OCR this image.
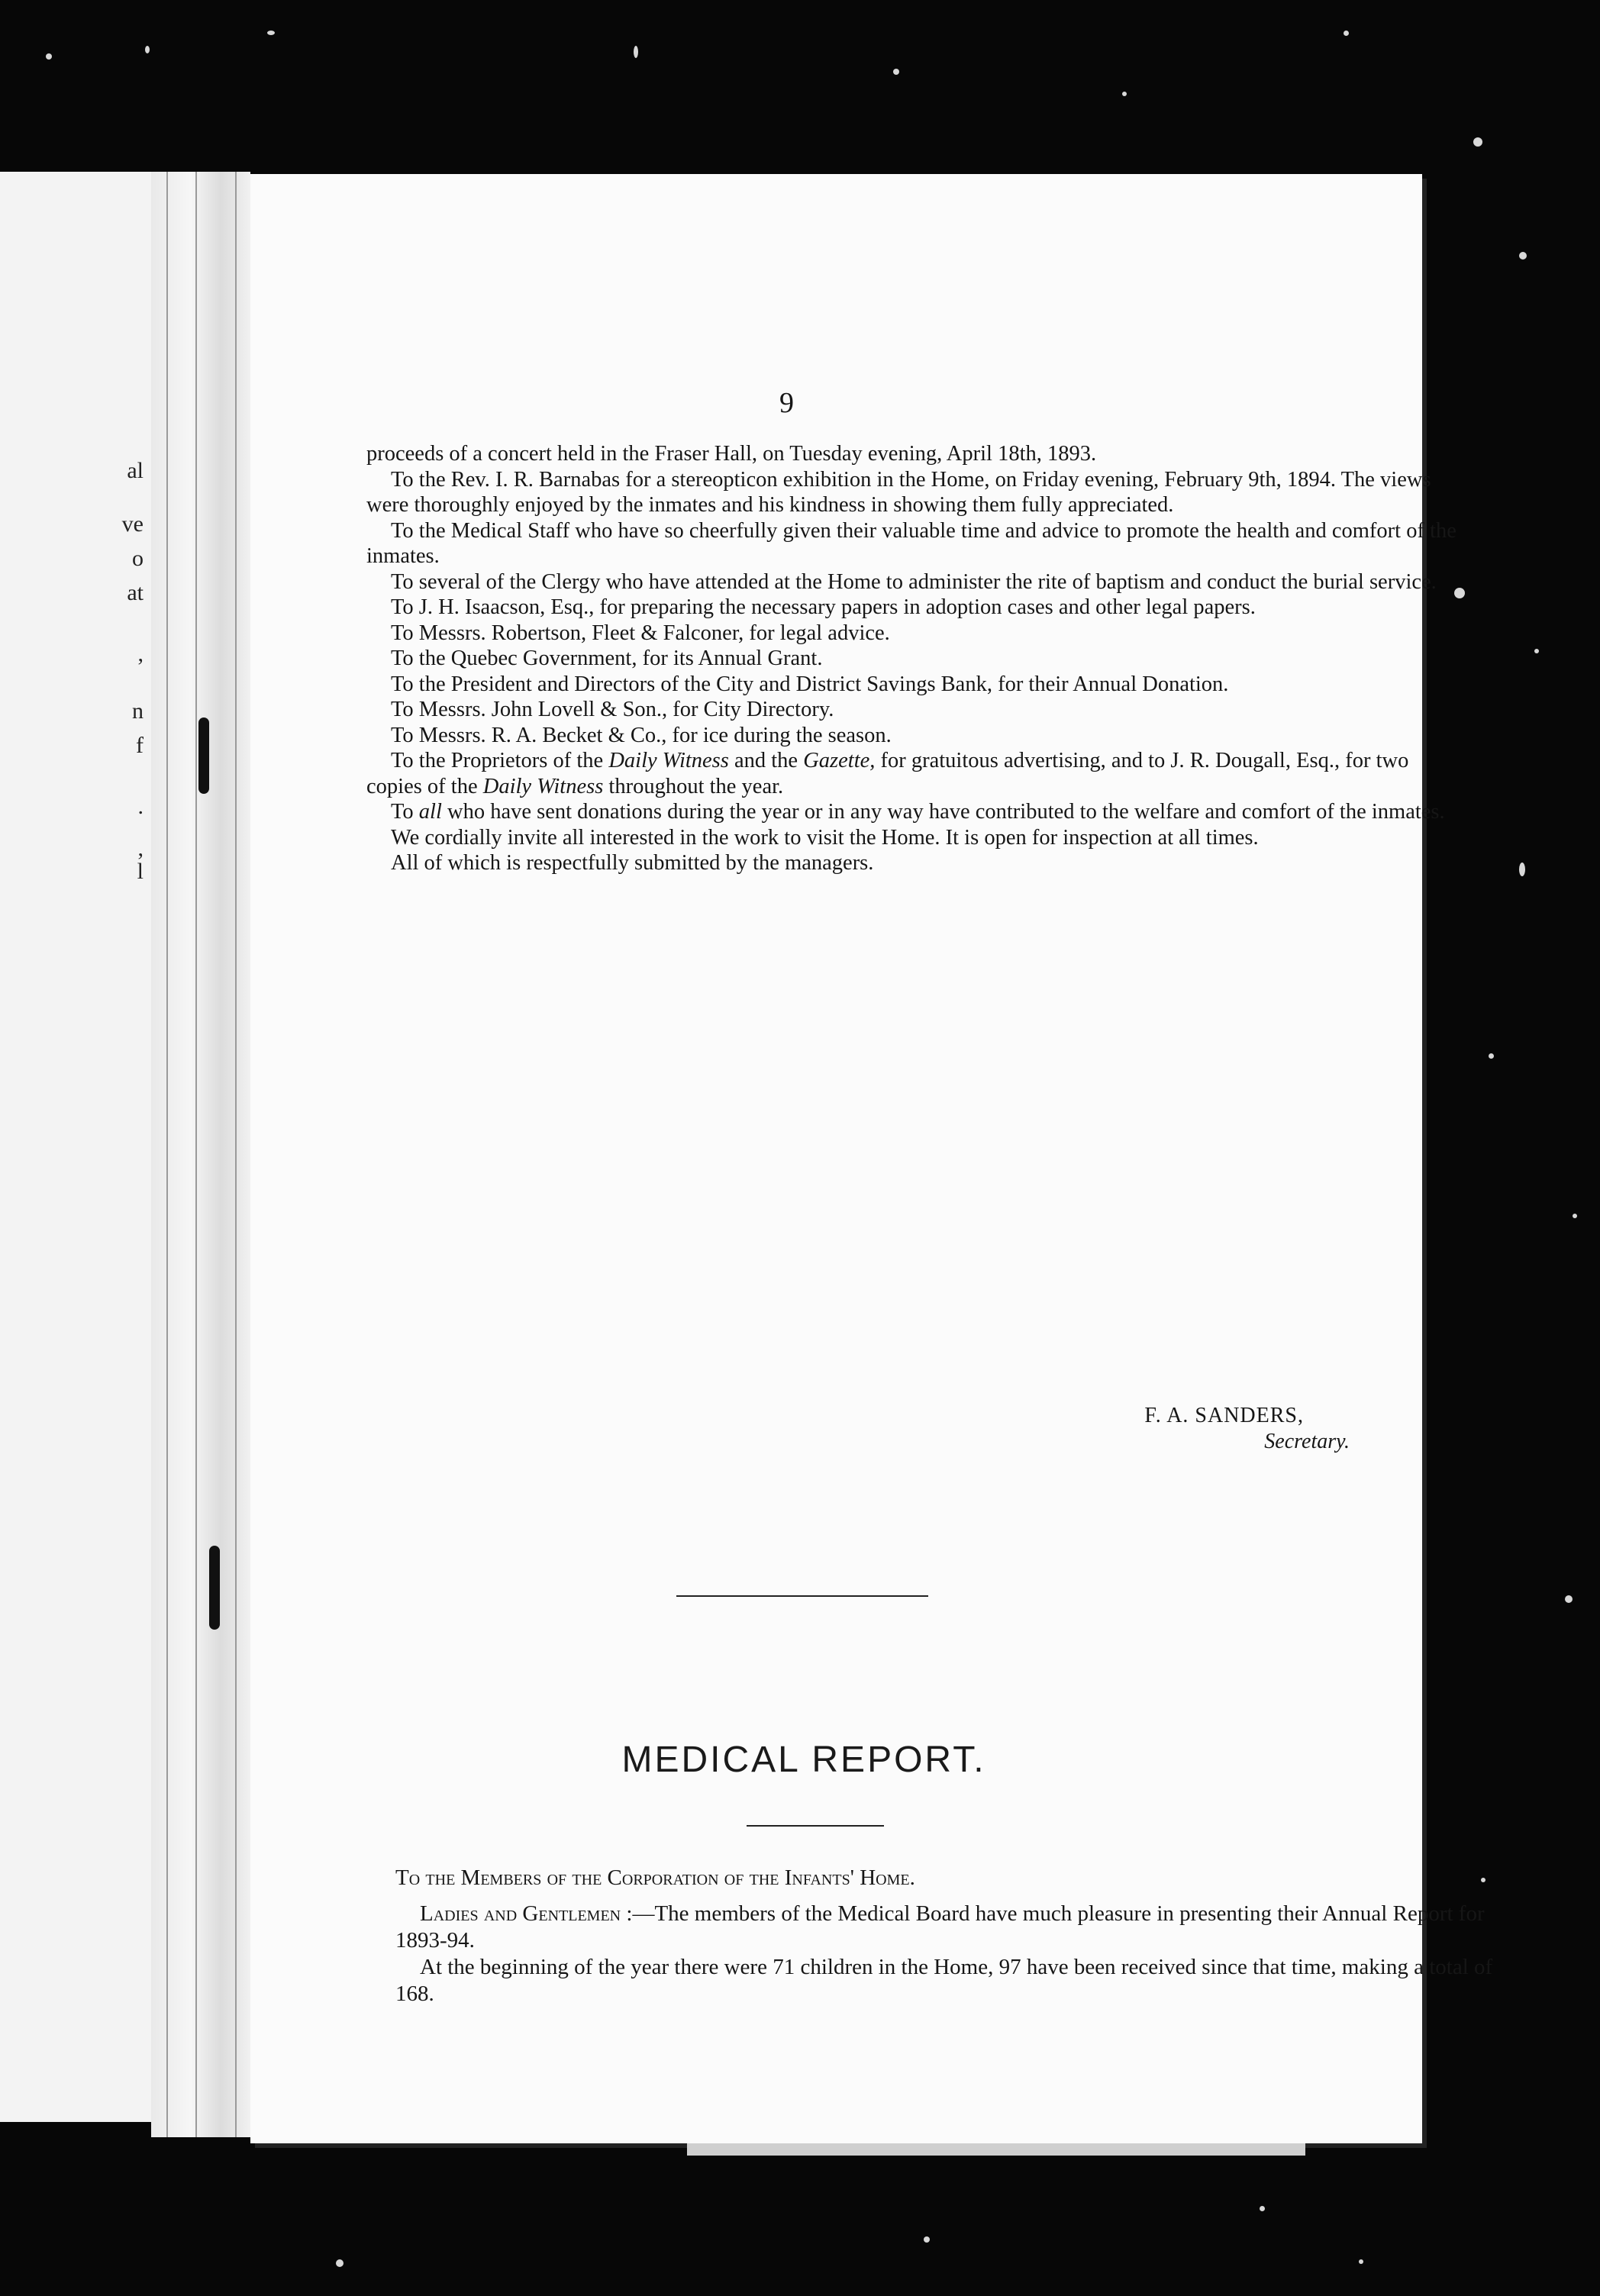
al
ve
o
at
,
n
f
.
,
l
9

proceeds of a concert held in the Fraser Hall, on Tuesday evening, April 18th, 1893.

To the Rev. I. R. Barnabas for a stereopticon exhibition in the Home, on Friday evening, February 9th, 1894. The views were thoroughly enjoyed by the inmates and his kindness in showing them fully appreciated.

To the Medical Staff who have so cheerfully given their valuable time and advice to promote the health and comfort of the inmates.

To several of the Clergy who have attended at the Home to administer the rite of baptism and conduct the burial service.

To J. H. Isaacson, Esq., for preparing the necessary papers in adoption cases and other legal papers.

To Messrs. Robertson, Fleet & Falconer, for legal advice.

To the Quebec Government, for its Annual Grant.

To the President and Directors of the City and District Savings Bank, for their Annual Donation.

To Messrs. John Lovell & Son., for City Directory.

To Messrs. R. A. Becket & Co., for ice during the season.

To the Proprietors of the Daily Witness and the Gazette, for gratuitous advertising, and to J. R. Dougall, Esq., for two copies of the Daily Witness throughout the year.

To all who have sent donations during the year or in any way have contributed to the welfare and comfort of the inmates.

We cordially invite all interested in the work to visit the Home. It is open for inspection at all times.

All of which is respectfully submitted by the managers.

F. A. SANDERS,
Secretary.
MEDICAL REPORT.

To the Members of the Corporation of the Infants' Home.

Ladies and Gentlemen :—The members of the Medical Board have much pleasure in presenting their Annual Report for 1893-94.

At the beginning of the year there were 71 children in the Home, 97 have been received since that time, making a total of 168.
